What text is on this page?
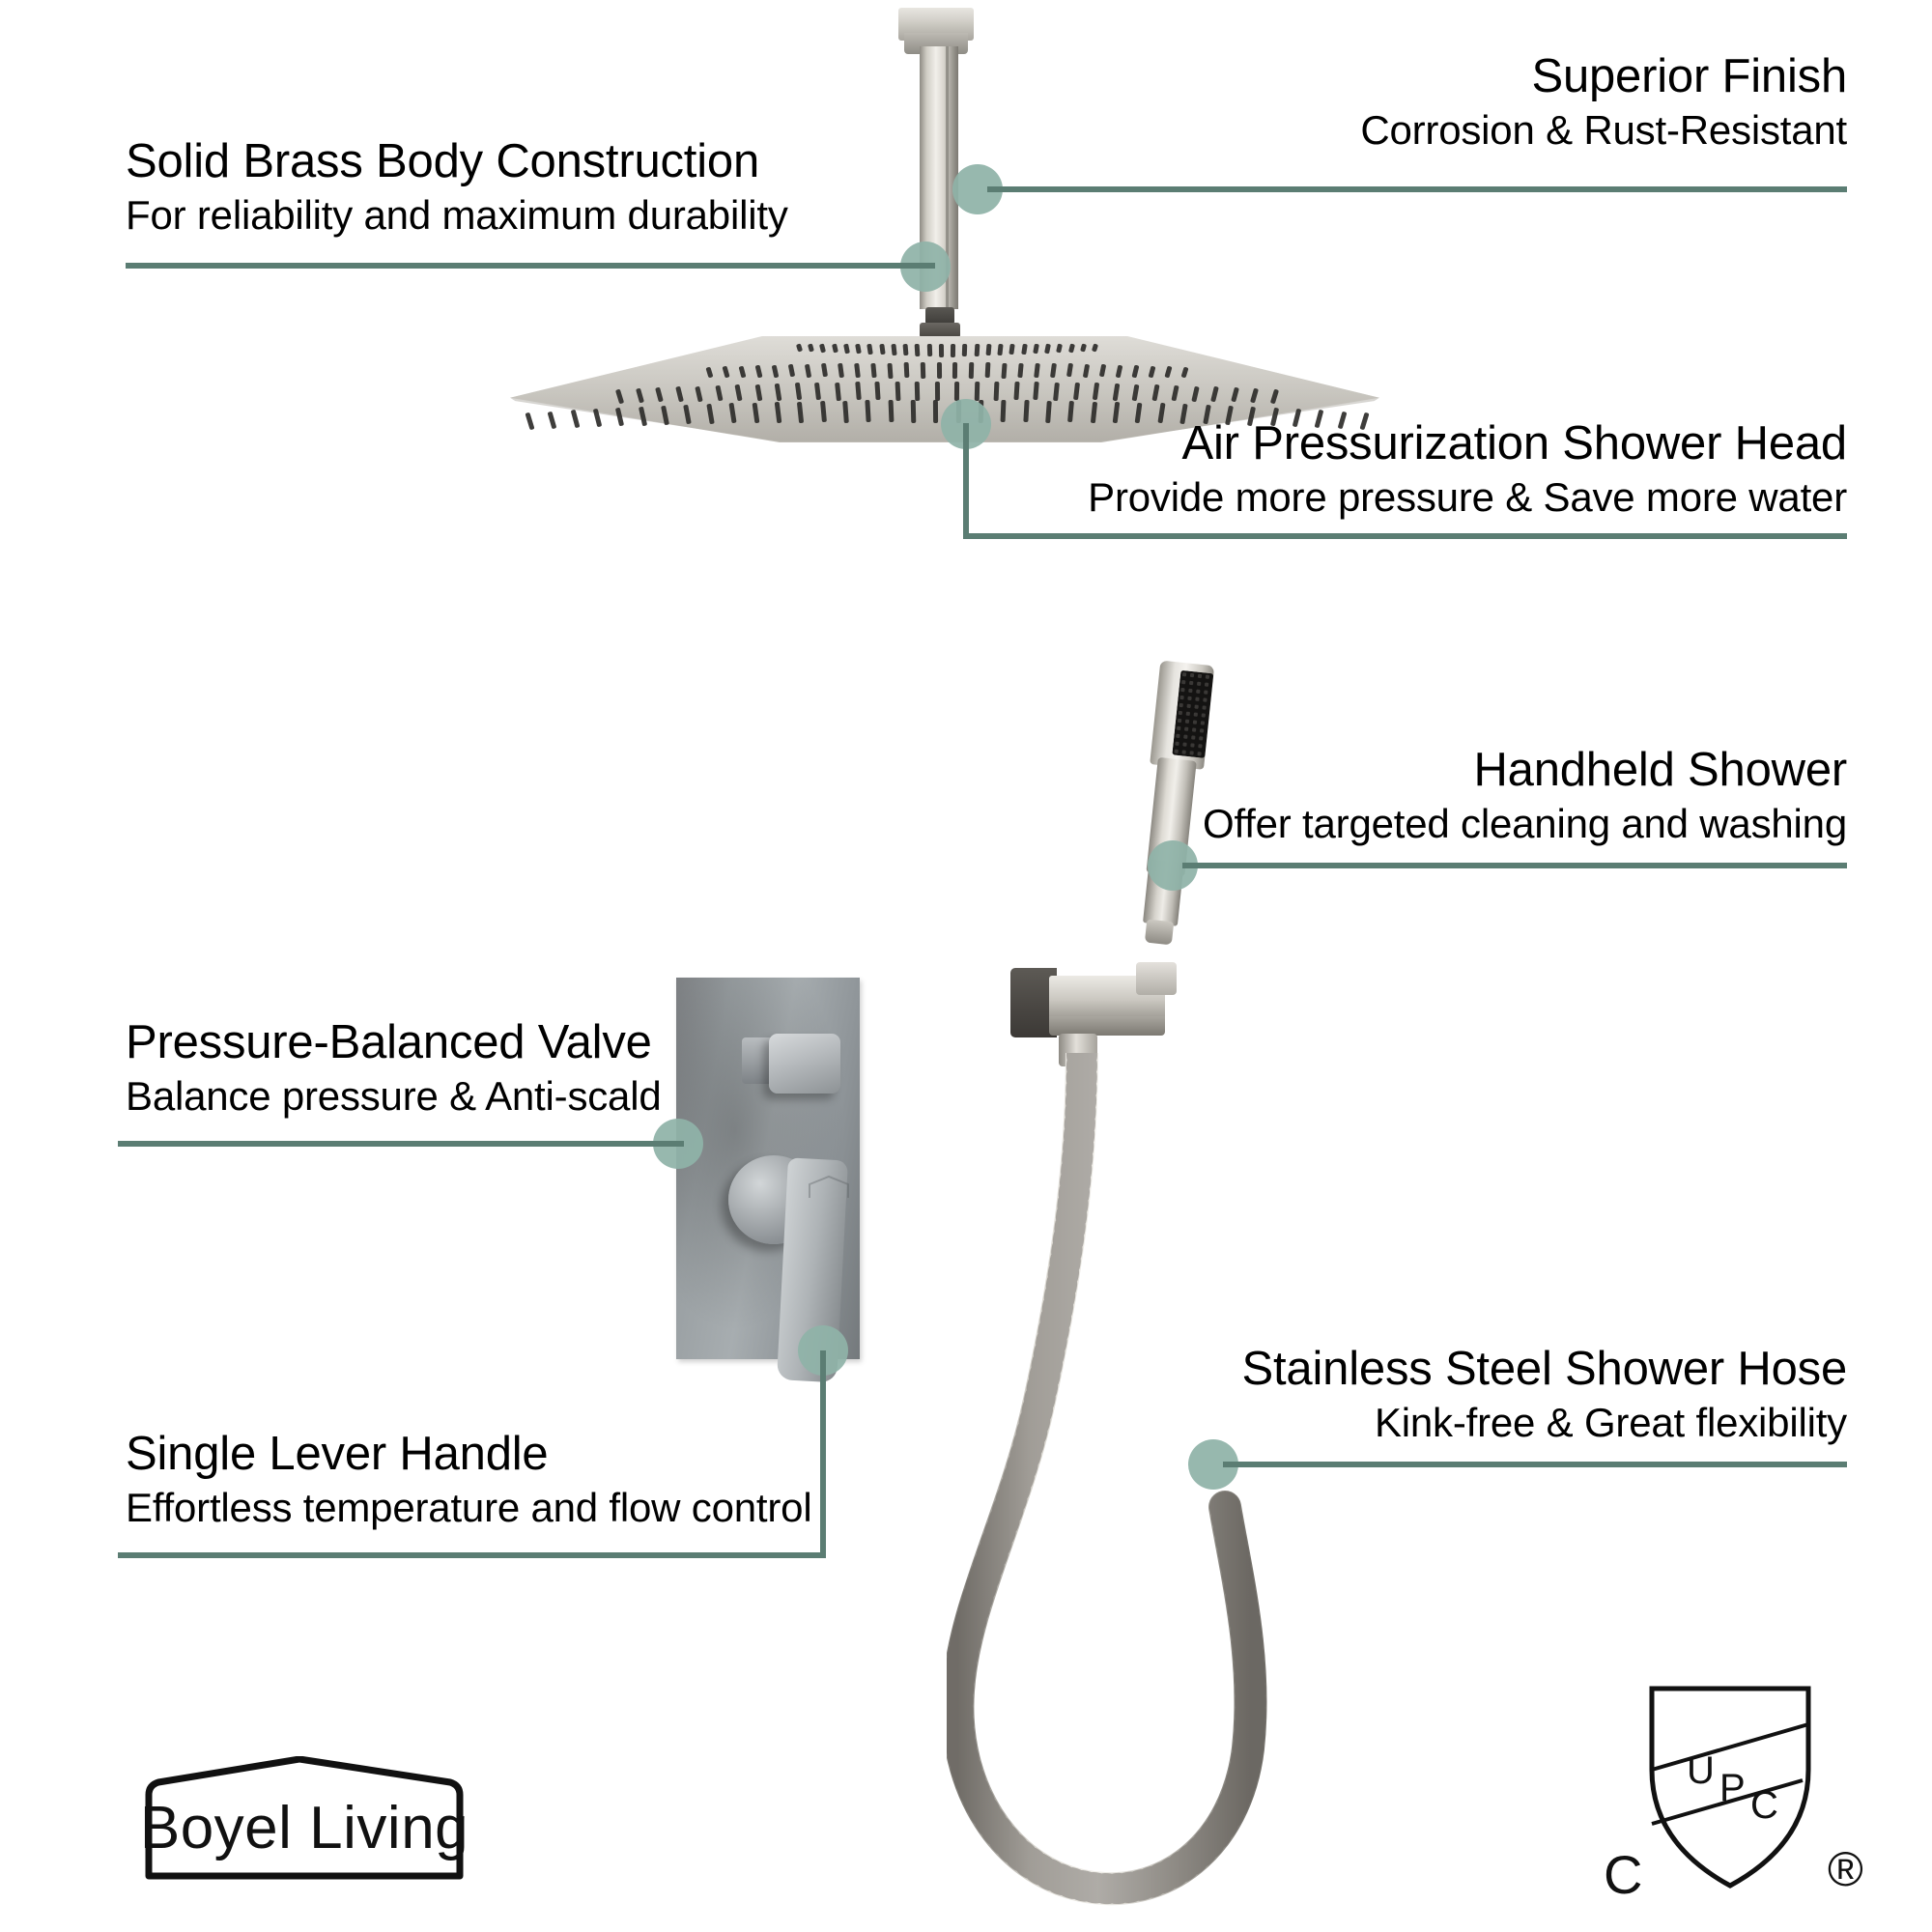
Superior Finish
Corrosion & Rust-Resistant
Solid Brass Body Construction
For reliability and maximum durability
Air Pressurization Shower Head
Provide more pressure & Save more water
Handheld Shower
Offer targeted cleaning and washing
Pressure-Balanced Valve
Balance pressure & Anti-scald
Single Lever Handle
Effortless temperature and flow control
Stainless Steel Shower Hose
Kink-free & Great flexibility
Boyel Living
U P C
C	®
